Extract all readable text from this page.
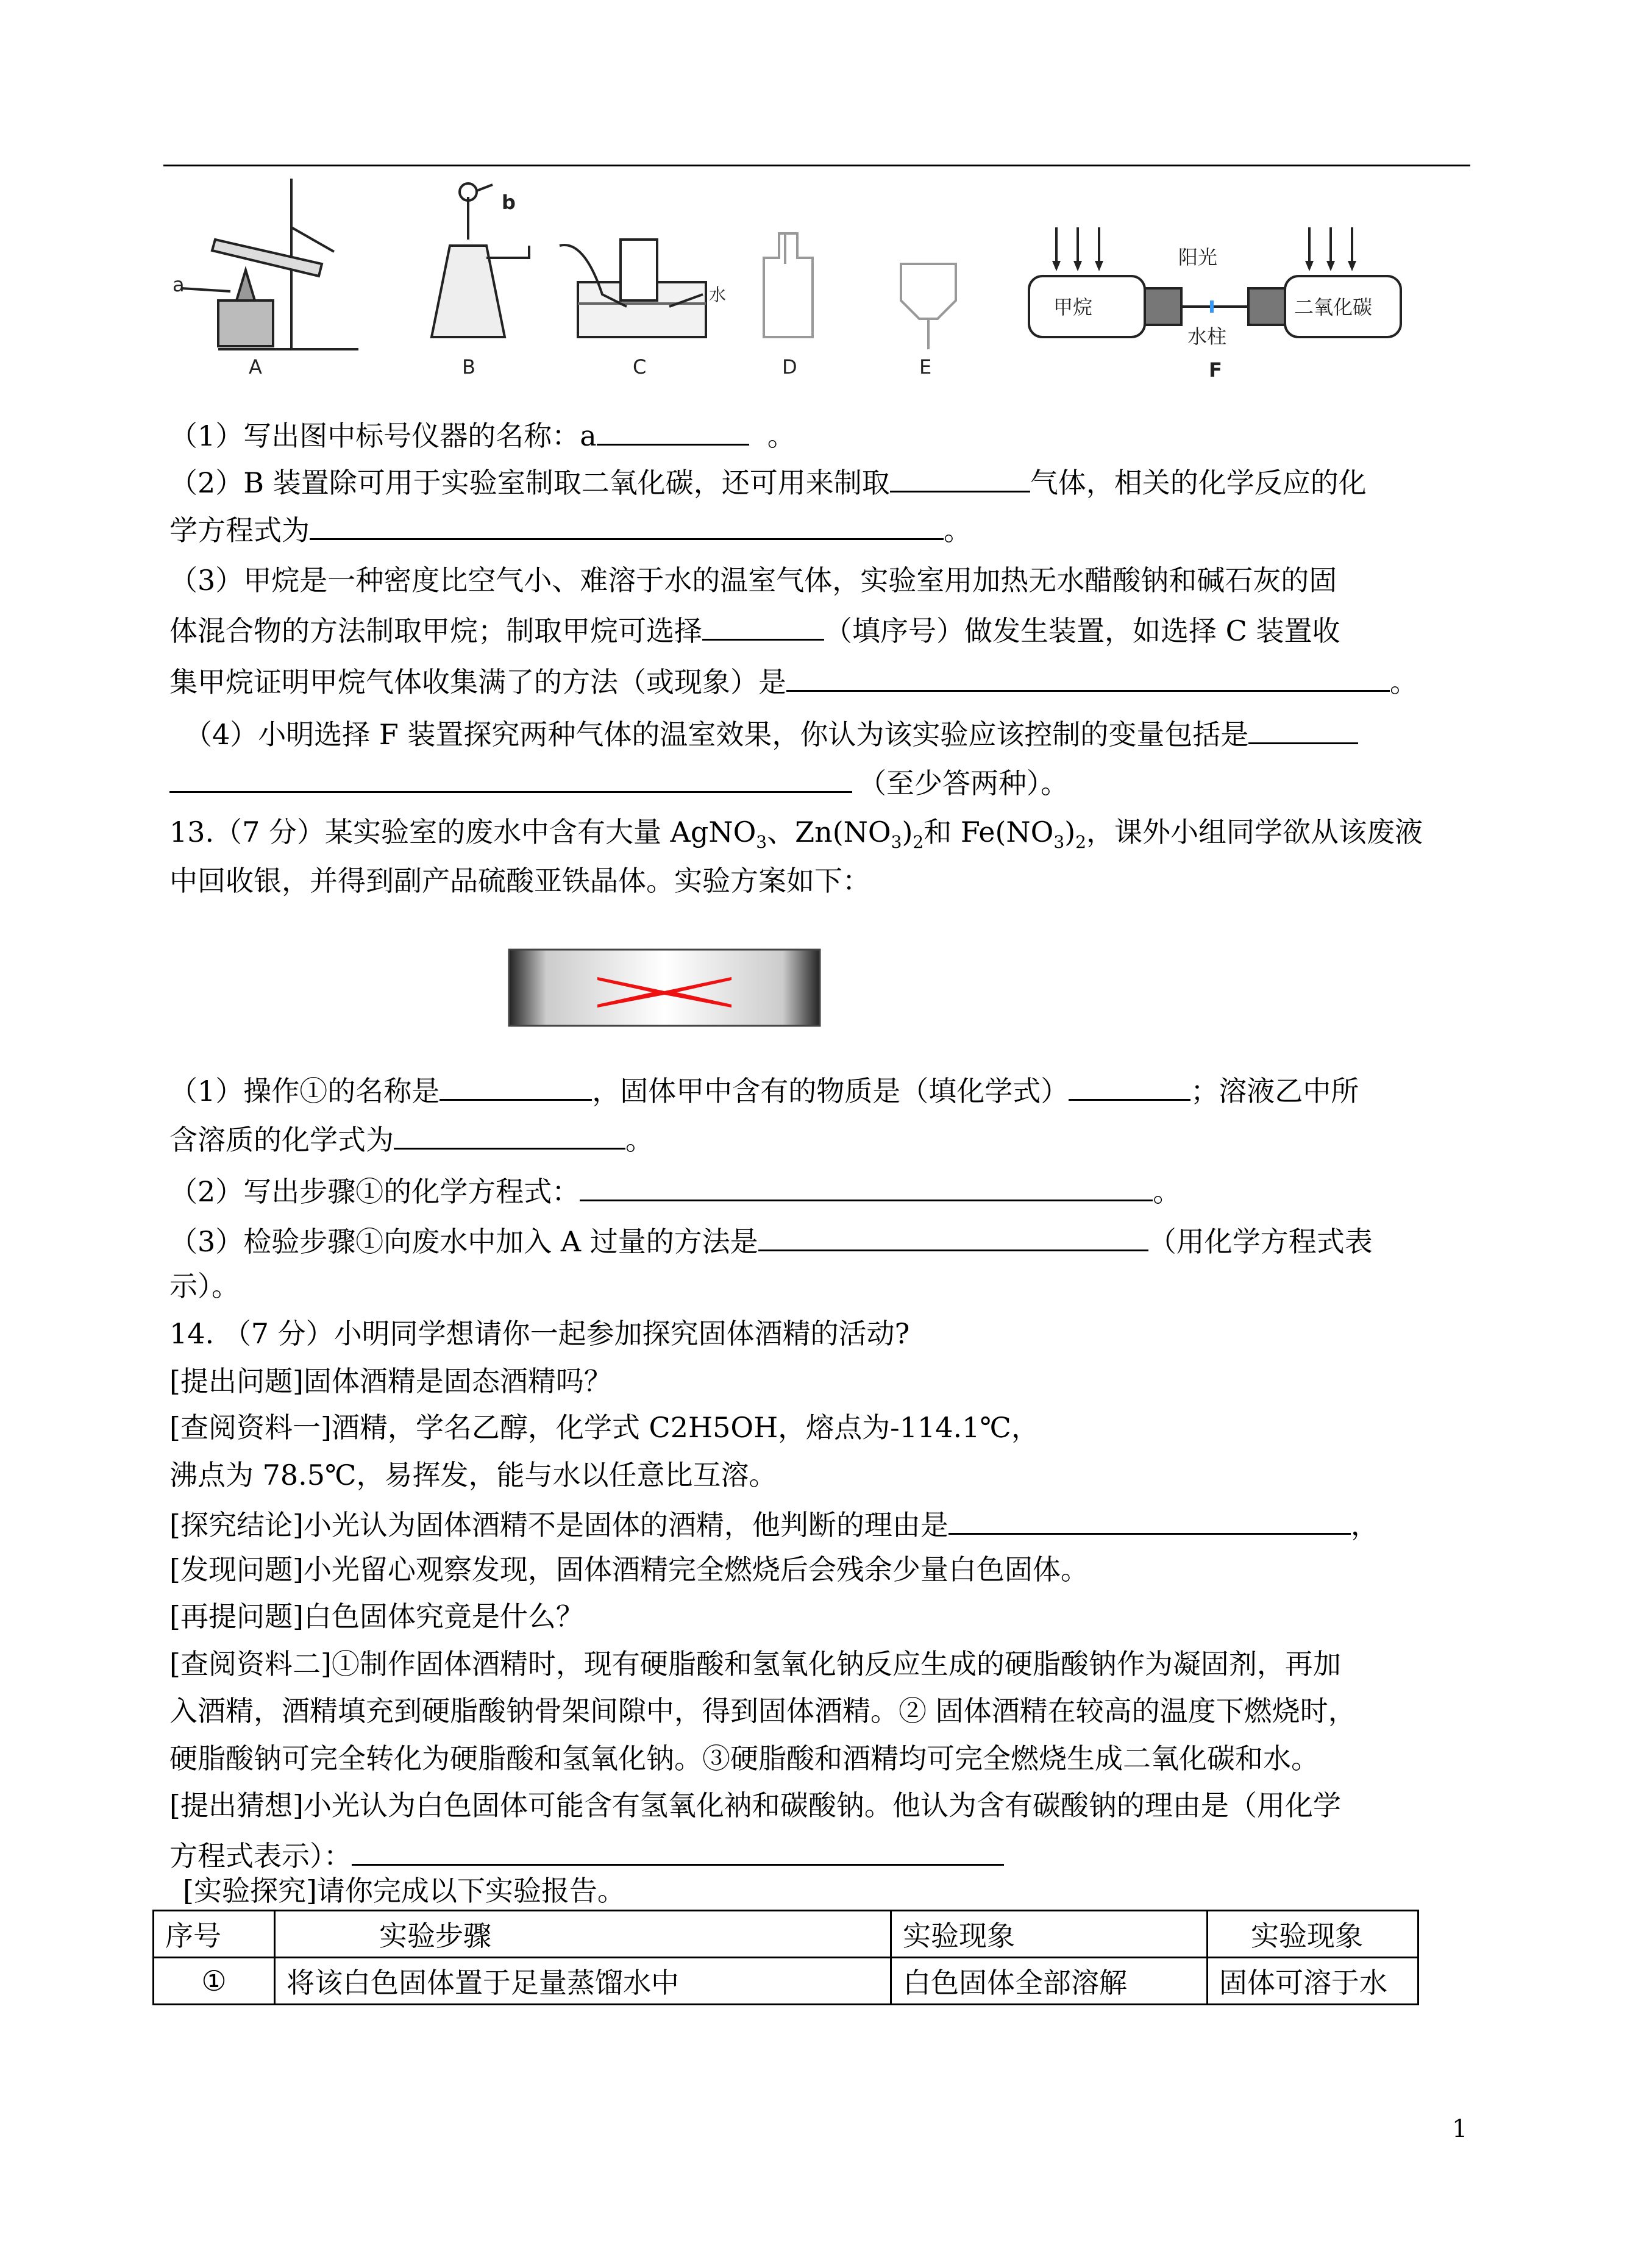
a
b
A	B	C	D	E
水
阳光
甲烷	二氧化碳
水柱
F
（1）写出图中标号仪器的名称：a	。
（2）B 装置除可用于实验室制取二氧化碳，还可用来制取	气体，相关的化学反应的化
学方程式为	。
（3）甲烷是一种密度比空气小、难溶于水的温室气体，实验室用加热无水醋酸钠和碱石灰的固
体混合物的方法制取甲烷；制取甲烷可选择	（填序号）做发生装置，如选择 C 装置收
集甲烷证明甲烷气体收集满了的方法（或现象）是	。
（4）小明选择 F 装置探究两种气体的温室效果，你认为该实验应该控制的变量包括是
（至少答两种）。
13.（7 分）某实验室的废水中含有大量 AgNO$_3$、$Zn(NO_3)_2$和 $Fe(NO_3)_2$，课外小组同学欲从该废液
中回收银，并得到副产品硫酸亚铁晶体。实验方案如下：
（1）操作①的名称是	，固体甲中含有的物质是（填化学式）	；溶液乙中所
含溶质的化学式为	。
（2）写出步骤①的化学方程式：	。
（3）检验步骤①向废水中加入 A 过量的方法是	（用化学方程式表
示）。
14. （7 分）小明同学想请你一起参加探究固体酒精的活动?
[提出问题]固体酒精是固态酒精吗？
[查阅资料一]酒精，学名乙醇，化学式 C2H5OH，熔点为-114.1℃，
沸点为 78.5℃，易挥发，能与水以任意比互溶。
[探究结论]小光认为固体酒精不是固体的酒精，他判断的理由是	，
[发现问题]小光留心观察发现，固体酒精完全燃烧后会残余少量白色固体。
[再提问题]白色固体究竟是什么？
[查阅资料二]①制作固体酒精时，现有硬脂酸和氢氧化钠反应生成的硬脂酸钠作为凝固剂，再加
入酒精，酒精填充到硬脂酸钠骨架间隙中，得到固体酒精。② 固体酒精在较高的温度下燃烧时，
硬脂酸钠可完全转化为硬脂酸和氢氧化钠。③硬脂酸和酒精均可完全燃烧生成二氧化碳和水。
[提出猜想]小光认为白色固体可能含有氢氧化衲和碳酸钠。他认为含有碳酸钠的理由是（用化学
方程式表示）：
[实验探究]请你完成以下实验报告。
序号	实验步骤	实验现象	实验现象
①	将该白色固体置于足量蒸馏水中	白色固体全部溶解	固体可溶于水
1
